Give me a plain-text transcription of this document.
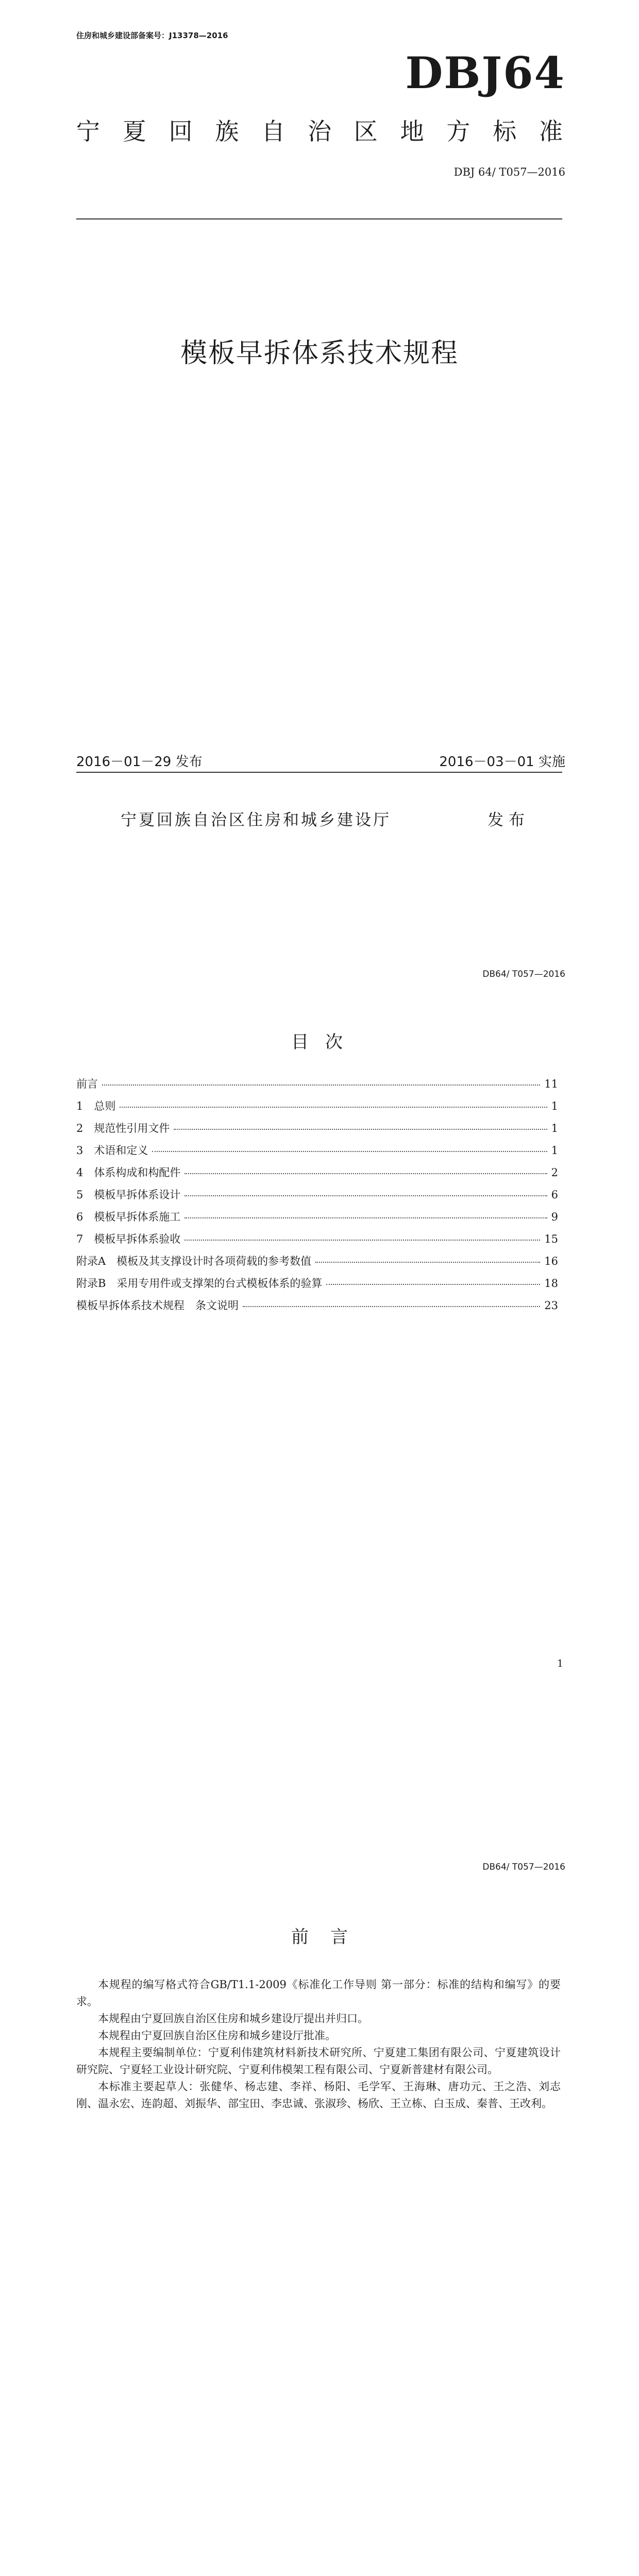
住房和城乡建设部备案号：J13378—2016
DBJ64
宁夏回族自治区地方标准
DBJ 64/ T057—2016
模板早拆体系技术规程
2016－01－29 发布	2016－03－01 实施
宁夏回族自治区住房和城乡建设厅	发布
DB64/ T057—2016
目次
前言	11
1　总则	1
2　规范性引用文件	1
3　术语和定义	1
4　体系构成和构配件	2
5　模板早拆体系设计	6
6　模板早拆体系施工	9
7　模板早拆体系验收	15
附录A　模板及其支撑设计时各项荷载的参考数值	16
附录B　采用专用件或支撑架的台式模板体系的验算	18
模板早拆体系技术规程　条文说明	23
1
DB64/ T057—2016
前言

本规程的编写格式符合GB/T1.1-2009《标准化工作导则 第一部分：标准的结构和编写》的要求。

本规程由宁夏回族自治区住房和城乡建设厅提出并归口。

本规程由宁夏回族自治区住房和城乡建设厅批准。

本规程主要编制单位：宁夏利伟建筑材料新技术研究所、宁夏建工集团有限公司、宁夏建筑设计研究院、宁夏轻工业设计研究院、宁夏利伟模架工程有限公司、宁夏新普建材有限公司。

本标准主要起草人：张健华、杨志建、李祥、杨阳、毛学军、王海琳、唐功元、王之浩、刘志刚、温永宏、连韵超、刘振华、部宝田、李忠诚、张淑珍、杨欣、王立栋、白玉成、秦普、王改利。
